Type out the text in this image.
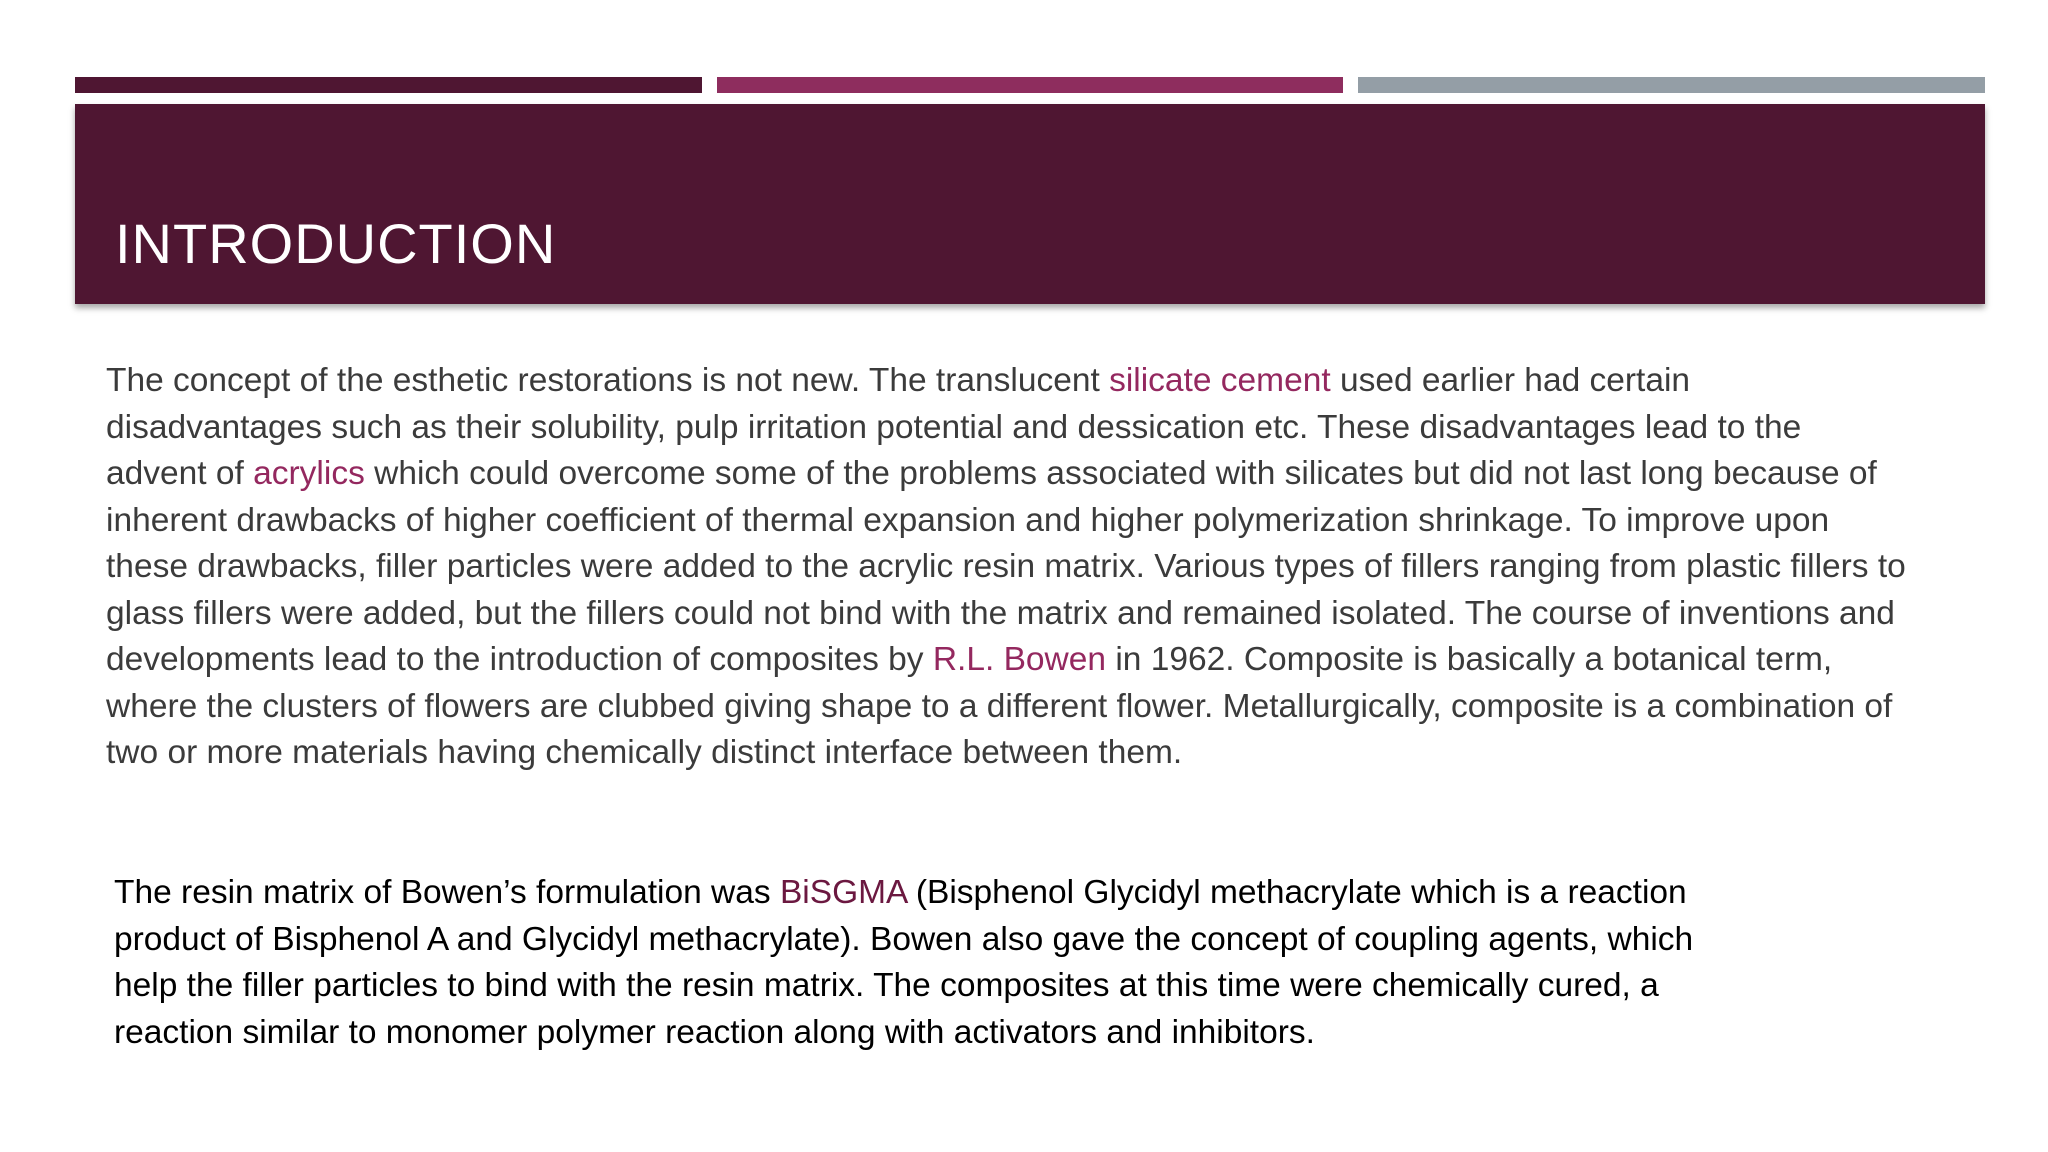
INTRODUCTION

The concept of the esthetic restorations is not new. The translucent silicate cement used earlier had certain disadvantages such as their solubility, pulp irritation potential and dessication etc. These disadvantages lead to the advent of acrylics which could overcome some of the problems associated with silicates but did not last long because of inherent drawbacks of higher coefficient of thermal expansion and higher polymerization shrinkage. To improve upon these drawbacks, filler particles were added to the acrylic resin matrix. Various types of fillers ranging from plastic fillers to glass fillers were added, but the fillers could not bind with the matrix and remained isolated. The course of inventions and developments lead to the introduction of composites by R.L. Bowen in 1962. Composite is basically a botanical term, where the clusters of flowers are clubbed giving shape to a different flower. Metallurgically, composite is a combination of two or more materials having chemically distinct interface between them.

The resin matrix of Bowen’s formulation was BiSGMA (Bisphenol Glycidyl methacrylate which is a reaction product of Bisphenol A and Glycidyl methacrylate). Bowen also gave the concept of coupling agents, which help the filler particles to bind with the resin matrix. The composites at this time were chemically cured, a reaction similar to monomer polymer reaction along with activators and inhibitors.
